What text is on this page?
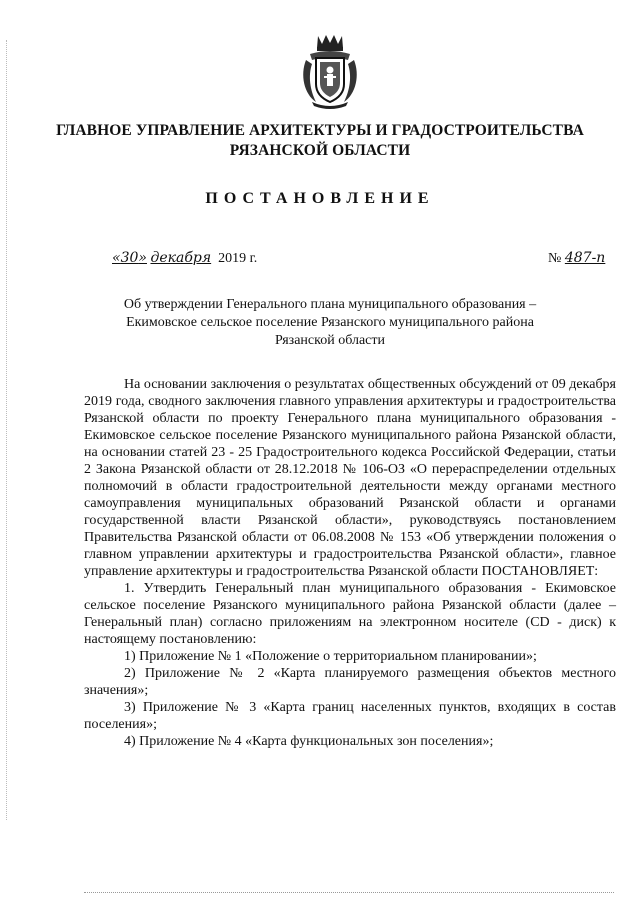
ГЛАВНОЕ УПРАВЛЕНИЕ АРХИТЕКТУРЫ И ГРАДОСТРОИТЕЛЬСТВА
РЯЗАНСКОЙ ОБЛАСТИ
ПОСТАНОВЛЕНИЕ
«30» декабря 2019 г.	№ 487-п
Об утверждении Генерального плана муниципального образования –
Екимовское сельское поселение Рязанского муниципального района
Рязанской области

На основании заключения о результатах общественных обсуждений от 09 декабря 2019 года, сводного заключения главного управления архитектуры и градостроительства Рязанской области по проекту Генерального плана муниципального образования - Екимовское сельское поселение Рязанского муниципального района Рязанской области, на основании статей 23 - 25 Градостроительного кодекса Российской Федерации, статьи 2 Закона Рязанской области от 28.12.2018 № 106-ОЗ «О перераспределении отдельных полномочий в области градостроительной деятельности между органами местного самоуправления муниципальных образований Рязанской области и органами государственной власти Рязанской области», руководствуясь постановлением Правительства Рязанской области от 06.08.2008 № 153 «Об утверждении положения о главном управлении архитектуры и градостроительства Рязанской области», главное управление архитектуры и градостроительства Рязанской области ПОСТАНОВЛЯЕТ:

1. Утвердить Генеральный план муниципального образования - Екимовское сельское поселение Рязанского муниципального района Рязанской области (далее – Генеральный план) согласно приложениям на электронном носителе (CD - диск) к настоящему постановлению:

1) Приложение № 1 «Положение о территориальном планировании»;

2) Приложение № 2 «Карта планируемого размещения объектов местного значения»;

3) Приложение № 3 «Карта границ населенных пунктов, входящих в состав поселения»;

4) Приложение № 4 «Карта функциональных зон поселения»;
